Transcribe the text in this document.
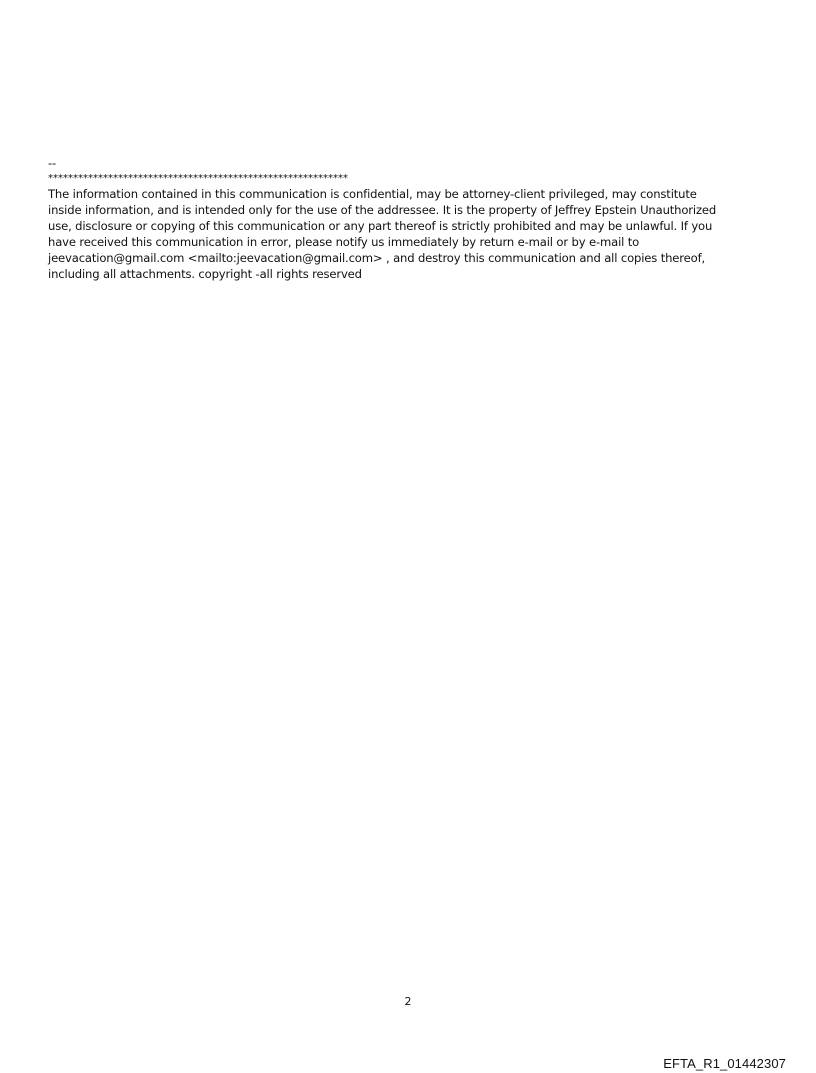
--
************************************************************

The information contained in this communication is confidential, may be attorney-client privileged, may constitute
inside information, and is intended only for the use of the addressee. It is the property of Jeffrey Epstein Unauthorized
use, disclosure or copying of this communication or any part thereof is strictly prohibited and may be unlawful. If you
have received this communication in error, please notify us immediately by return e-mail or by e-mail to
jeevacation@gmail.com <mailto:jeevacation@gmail.com> , and destroy this communication and all copies thereof,
including all attachments. copyright -all rights reserved

2
EFTA_R1_01442307
